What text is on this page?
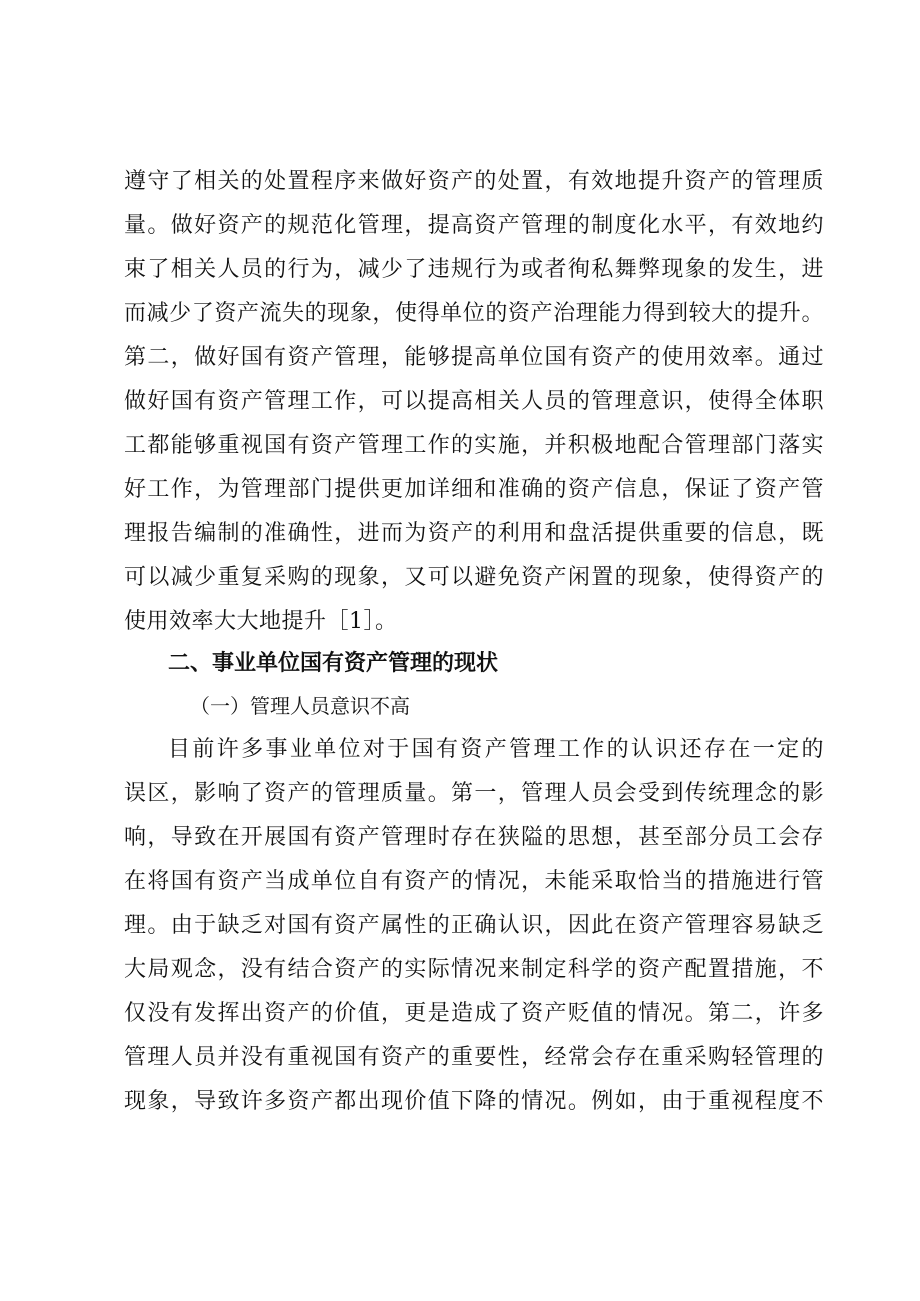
遵守了相关的处置程序来做好资产的处置，有效地提升资产的管理质
量。做好资产的规范化管理，提高资产管理的制度化水平，有效地约
束了相关人员的行为，减少了违规行为或者徇私舞弊现象的发生，进
而减少了资产流失的现象，使得单位的资产治理能力得到较大的提升。
第二，做好国有资产管理，能够提高单位国有资产的使用效率。通过
做好国有资产管理工作，可以提高相关人员的管理意识，使得全体职
工都能够重视国有资产管理工作的实施，并积极地配合管理部门落实
好工作，为管理部门提供更加详细和准确的资产信息，保证了资产管
理报告编制的准确性，进而为资产的利用和盘活提供重要的信息，既
可以减少重复采购的现象，又可以避免资产闲置的现象，使得资产的
使用效率大大地提升［1］。
二、事业单位国有资产管理的现状
（一）管理人员意识不高
目前许多事业单位对于国有资产管理工作的认识还存在一定的
误区，影响了资产的管理质量。第一，管理人员会受到传统理念的影
响，导致在开展国有资产管理时存在狭隘的思想，甚至部分员工会存
在将国有资产当成单位自有资产的情况，未能采取恰当的措施进行管
理。由于缺乏对国有资产属性的正确认识，因此在资产管理容易缺乏
大局观念，没有结合资产的实际情况来制定科学的资产配置措施，不
仅没有发挥出资产的价值，更是造成了资产贬值的情况。第二，许多
管理人员并没有重视国有资产的重要性，经常会存在重采购轻管理的
现象，导致许多资产都出现价值下降的情况。例如，由于重视程度不
